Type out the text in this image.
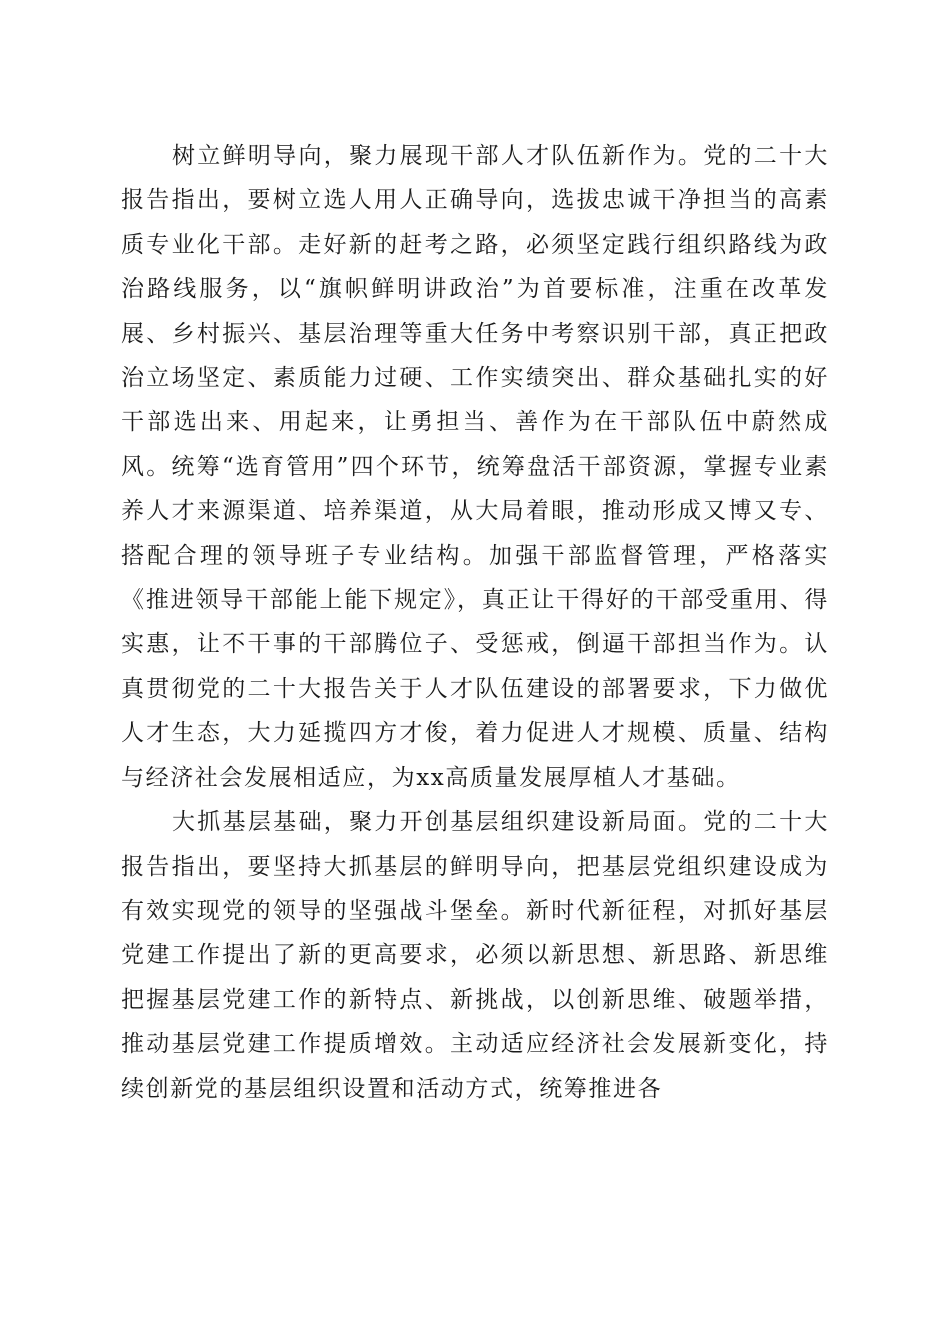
树立鲜明导向，聚力展现干部人才队伍新作为。党的二十大报告指出，要树立选人用人正确导向，选拔忠诚干净担当的高素质专业化干部。走好新的赶考之路，必须坚定践行组织路线为政治路线服务，以“旗帜鲜明讲政治”为首要标准，注重在改革发展、乡村振兴、基层治理等重大任务中考察识别干部，真正把政治立场坚定、素质能力过硬、工作实绩突出、群众基础扎实的好干部选出来、用起来，让勇担当、善作为在干部队伍中蔚然成风。统筹“选育管用”四个环节，统筹盘活干部资源，掌握专业素养人才来源渠道、培养渠道，从大局着眼，推动形成又博又专、搭配合理的领导班子专业结构。加强干部监督管理，严格落实《推进领导干部能上能下规定》，真正让干得好的干部受重用、得实惠，让不干事的干部腾位子、受惩戒，倒逼干部担当作为。认真贯彻党的二十大报告关于人才队伍建设的部署要求，下力做优人才生态，大力延揽四方才俊，着力促进人才规模、质量、结构与经济社会发展相适应，为xx高质量发展厚植人才基础。

大抓基层基础，聚力开创基层组织建设新局面。党的二十大报告指出，要坚持大抓基层的鲜明导向，把基层党组织建设成为有效实现党的领导的坚强战斗堡垒。新时代新征程，对抓好基层党建工作提出了新的更高要求，必须以新思想、新思路、新思维把握基层党建工作的新特点、新挑战，以创新思维、破题举措，推动基层党建工作提质增效。主动适应经济社会发展新变化，持续创新党的基层组织设置和活动方式，统筹推进各
